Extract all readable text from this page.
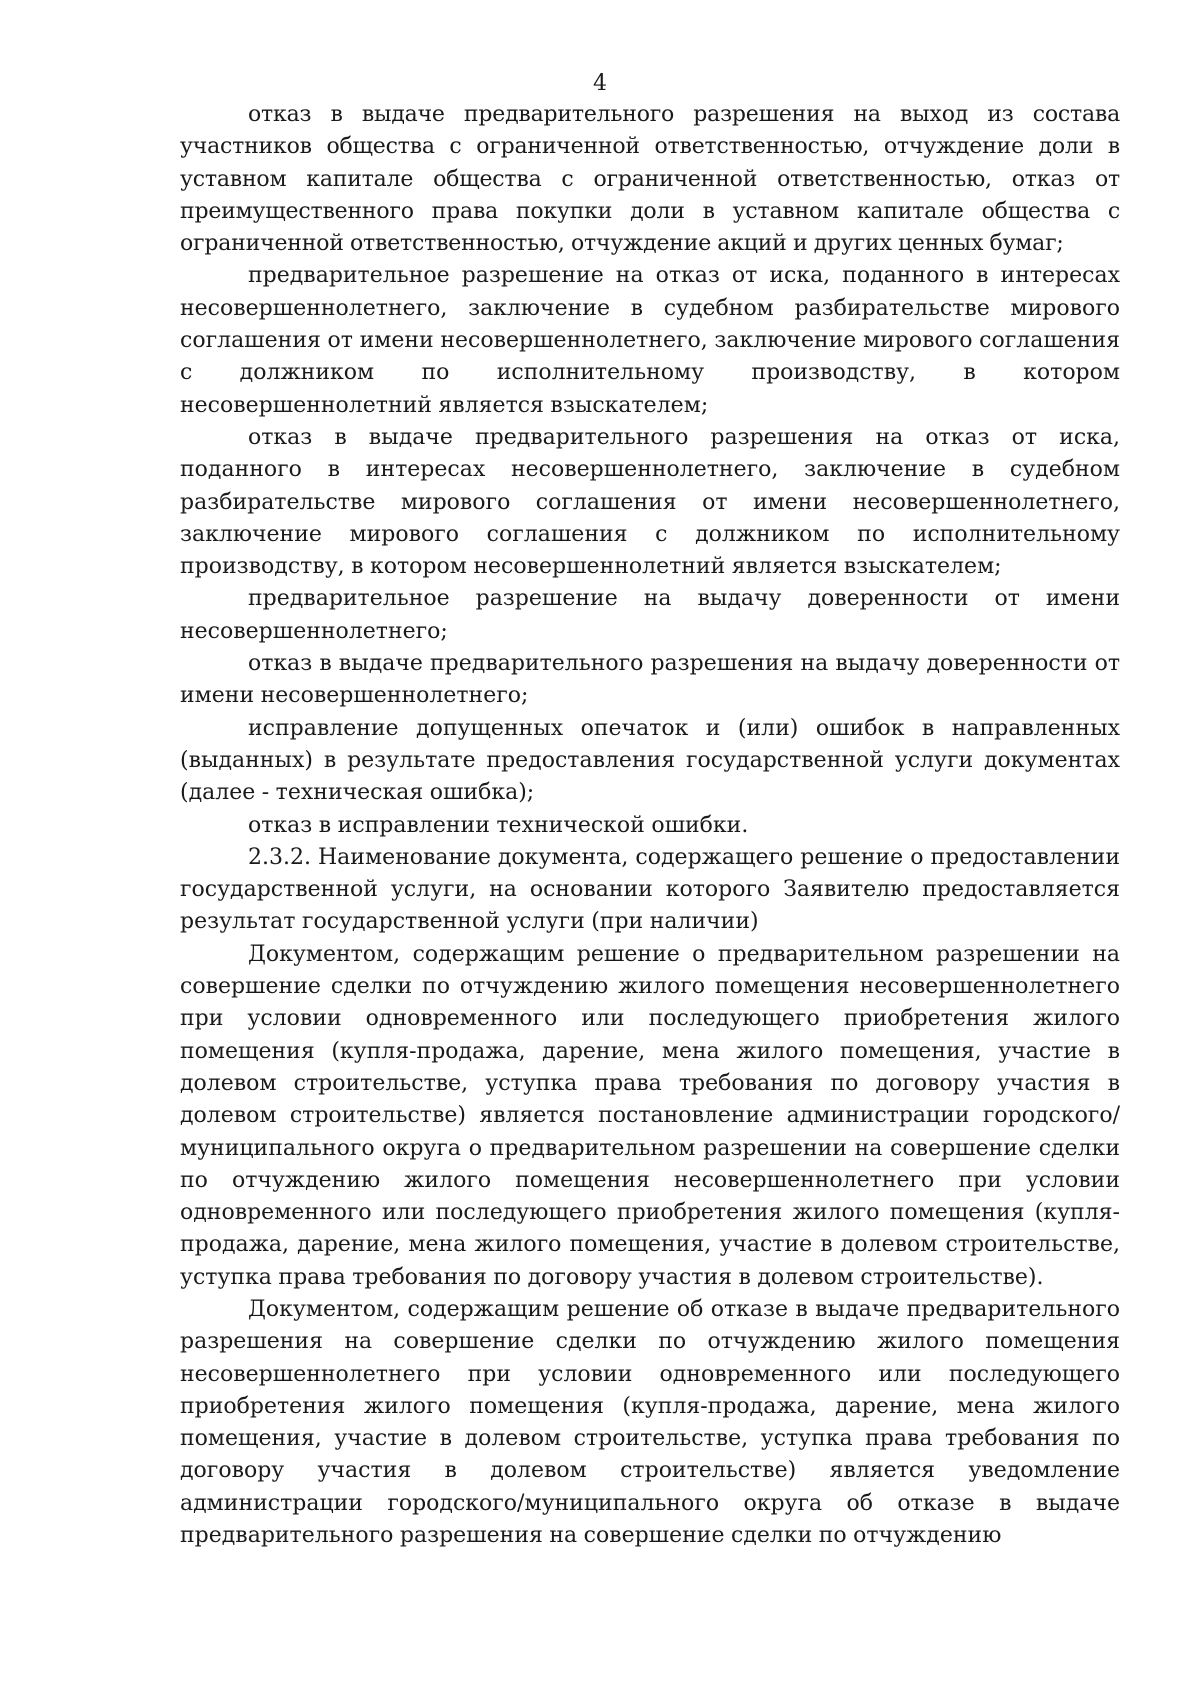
4

отказ в выдаче предварительного разрешения на выход из состава участников общества с ограниченной ответственностью, отчуждение доли в уставном капитале общества с ограниченной ответственностью, отказ от преимущественного права покупки доли в уставном капитале общества с ограниченной ответственностью, отчуждение акций и других ценных бумаг;

предварительное разрешение на отказ от иска, поданного в интересах несовершеннолетнего, заключение в судебном разбирательстве мирового соглашения от имени несовершеннолетнего, заключение мирового соглашения с должником по исполнительному производству, в котором несовершеннолетний является взыскателем;

отказ в выдаче предварительного разрешения на отказ от иска, поданного в интересах несовершеннолетнего, заключение в судебном разбирательстве мирового соглашения от имени несовершеннолетнего, заключение мирового соглашения с должником по исполнительному производству, в котором несовершеннолетний является взыскателем;

предварительное разрешение на выдачу доверенности от имени несовершеннолетнего;

отказ в выдаче предварительного разрешения на выдачу доверенности от имени несовершеннолетнего;

исправление допущенных опечаток и (или) ошибок в направленных (выданных) в результате предоставления государственной услуги документах (далее - техническая ошибка);

отказ в исправлении технической ошибки.

2.3.2. Наименование документа, содержащего решение о предоставлении государственной услуги, на основании которого Заявителю предоставляется результат государственной услуги (при наличии)

Документом, содержащим решение о предварительном разрешении на совершение сделки по отчуждению жилого помещения несовершеннолетнего при условии одновременного или последующего приобретения жилого помещения (купля-продажа, дарение, мена жилого помещения, участие в долевом строительстве, уступка права требования по договору участия в долевом строительстве) является постановление администрации городского/муниципального округа о предварительном разрешении на совершение сделки по отчуждению жилого помещения несовершеннолетнего при условии одновременного или последующего приобретения жилого помещения (купля-продажа, дарение, мена жилого помещения, участие в долевом строительстве, уступка права требования по договору участия в долевом строительстве).

Документом, содержащим решение об отказе в выдаче предварительного разрешения на совершение сделки по отчуждению жилого помещения несовершеннолетнего при условии одновременного или последующего приобретения жилого помещения (купля-продажа, дарение, мена жилого помещения, участие в долевом строительстве, уступка права требования по договору участия в долевом строительстве) является уведомление администрации городского/муниципального округа об отказе в выдаче предварительного разрешения на совершение сделки по отчуждению
